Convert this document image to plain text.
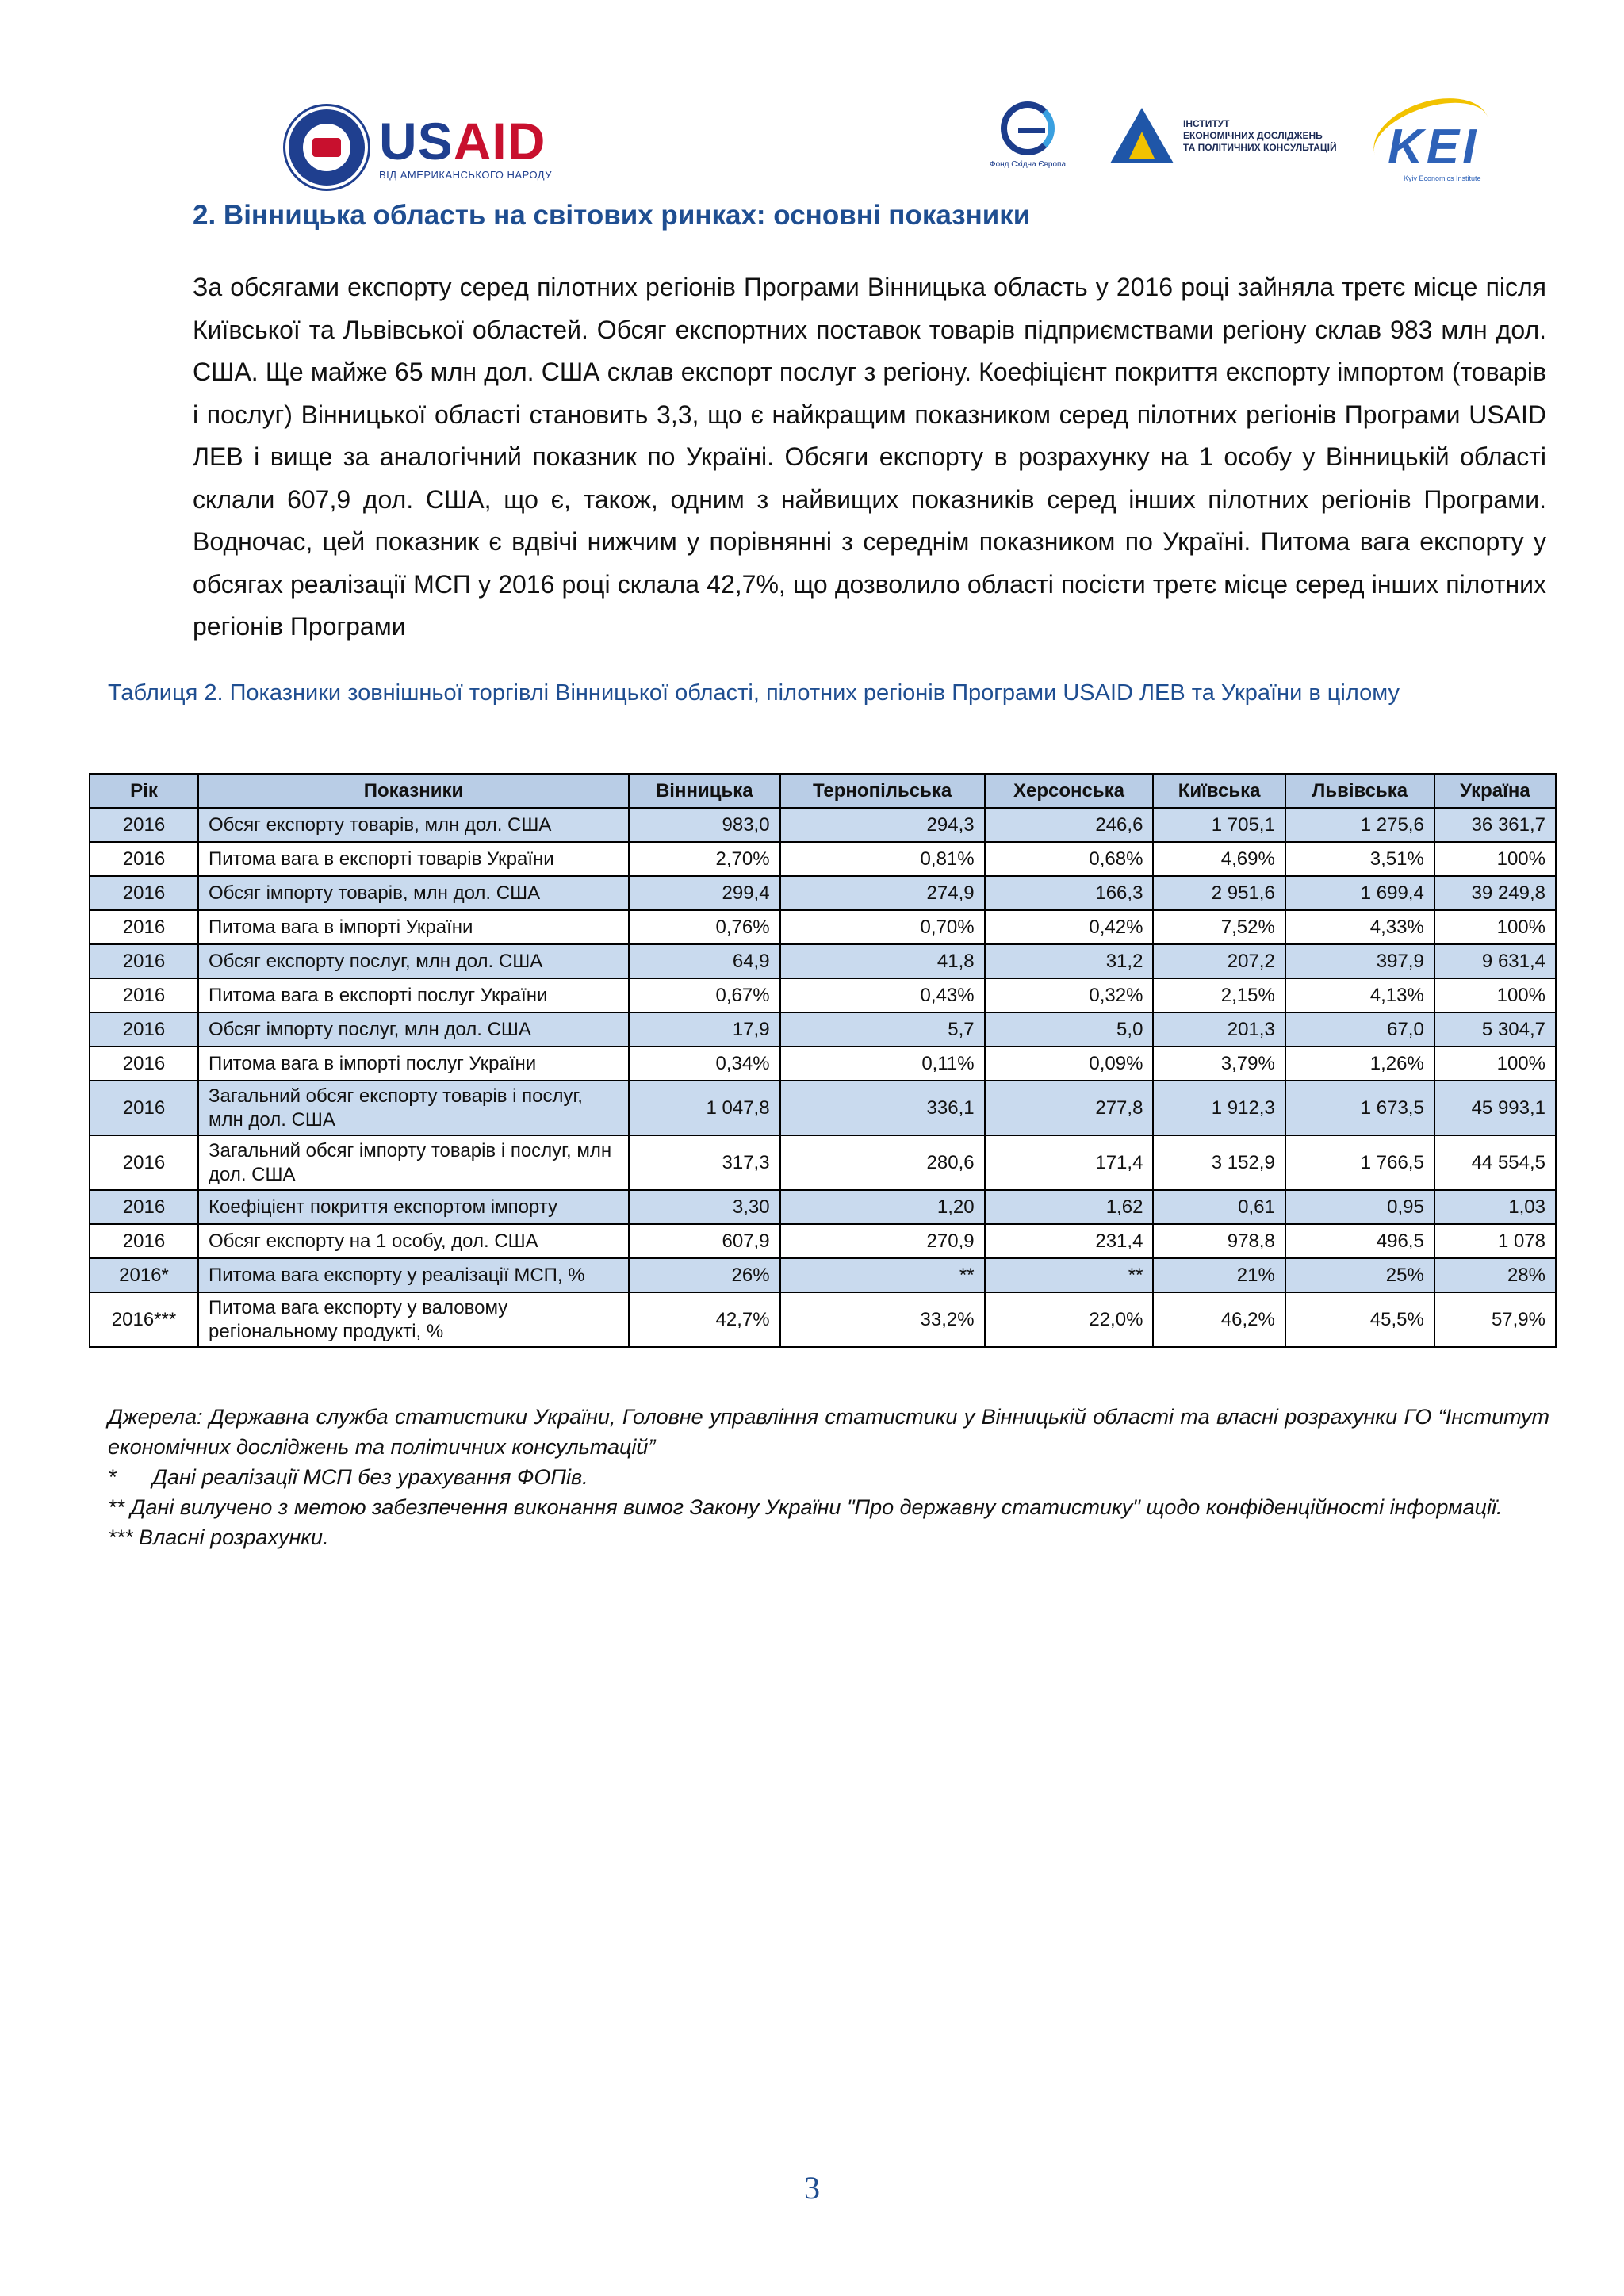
USAID
ВІД АМЕРИКАНСЬКОГО НАРОДУ
Фонд Східна Європа
ІНСТИТУТ
ЕКОНОМІЧНИХ ДОСЛІДЖЕНЬ
ТА ПОЛІТИЧНИХ КОНСУЛЬТАЦІЙ KEI
Kyiv Economics Institute
2. Вінницька область на світових ринках: основні показники
За обсягами експорту серед пілотних регіонів Програми Вінницька область у 2016 році зайняла третє місце після Київської та Львівської областей. Обсяг експортних поставок товарів підприємствами регіону склав 983 млн дол. США. Ще майже 65 млн дол. США склав експорт послуг з регіону. Коефіцієнт покриття експорту імпортом (товарів і послуг) Вінницької області становить 3,3, що є найкращим показником серед пілотних регіонів Програми USAID ЛЕВ і вище за аналогічний показник по Україні. Обсяги експорту в розрахунку на 1 особу у Вінницькій області склали 607,9 дол. США, що є, також, одним з найвищих показників серед інших пілотних регіонів Програми. Водночас, цей показник є вдвічі нижчим у порівнянні з середнім показником по Україні. Питома вага експорту у обсягах реалізації МСП у 2016 році склала 42,7%, що дозволило області посісти третє місце серед інших пілотних регіонів Програми
Таблиця 2. Показники зовнішньої торгівлі Вінницької області, пілотних регіонів Програми USAID ЛЕВ та України в цілому
Рік	Показники	Вінницька	Тернопільська	Херсонська	Київська	Львівська	Україна
2016	Обсяг експорту товарів, млн дол. США	983,0	294,3	246,6	1 705,1	1 275,6	36 361,7
2016	Питома вага в експорті товарів України	2,70%	0,81%	0,68%	4,69%	3,51%	100%
2016	Обсяг імпорту товарів, млн дол. США	299,4	274,9	166,3	2 951,6	1 699,4	39 249,8
2016	Питома вага в імпорті України	0,76%	0,70%	0,42%	7,52%	4,33%	100%
2016	Обсяг експорту послуг, млн дол. США	64,9	41,8	31,2	207,2	397,9	9 631,4
2016	Питома вага в експорті послуг України	0,67%	0,43%	0,32%	2,15%	4,13%	100%
2016	Обсяг імпорту послуг, млн дол. США	17,9	5,7	5,0	201,3	67,0	5 304,7
2016	Питома вага в імпорті послуг України	0,34%	0,11%	0,09%	3,79%	1,26%	100%
2016	Загальний обсяг експорту товарів і послуг, млн дол. США	1 047,8	336,1	277,8	1 912,3	1 673,5	45 993,1
2016	Загальний обсяг імпорту товарів і послуг, млн дол. США	317,3	280,6	171,4	3 152,9	1 766,5	44 554,5
2016	Коефіцієнт покриття експортом імпорту	3,30	1,20	1,62	0,61	0,95	1,03
2016	Обсяг експорту на 1 особу, дол. США	607,9	270,9	231,4	978,8	496,5	1 078
2016*	Питома вага експорту у реалізації МСП, %	26%	**	**	21%	25%	28%
2016***	Питома вага експорту у валовому регіональному продукті, %	42,7%	33,2%	22,0%	46,2%	45,5%	57,9%

Джерела: Державна служба статистики України, Головне управління статистики у Вінницькій області та власні розрахунки ГО “Інститут економічних досліджень та політичних консультацій”

* Дані реалізації МСП без урахування ФОПів.

** Дані вилучено з метою забезпечення виконання вимог Закону України "Про державну статистику" щодо конфіденційності інформації.

*** Власні розрахунки.

3
